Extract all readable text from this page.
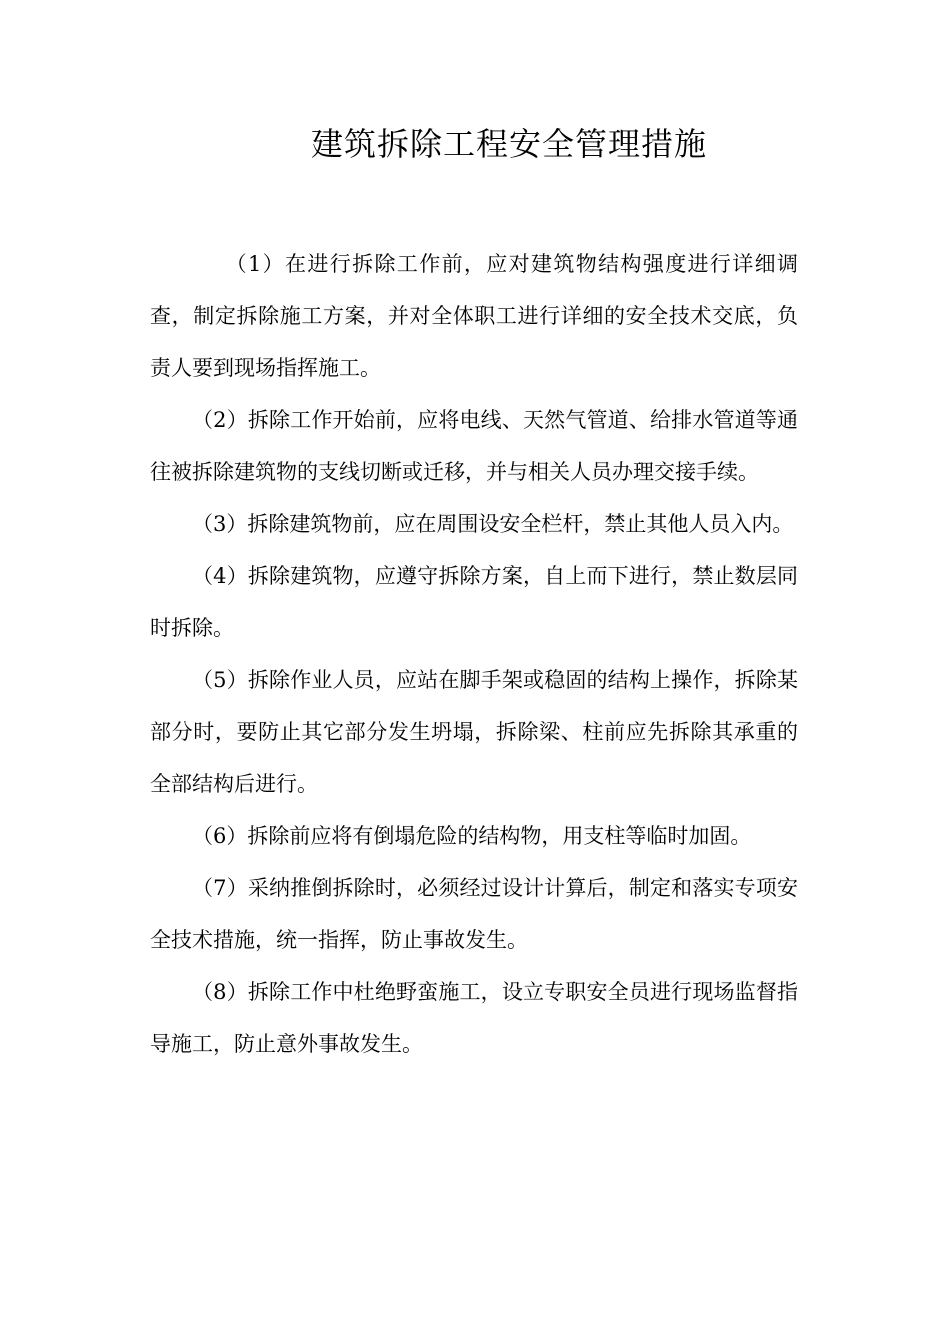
建筑拆除工程安全管理措施

（1）在进行拆除工作前，应对建筑物结构强度进行详细调查，制定拆除施工方案，并对全体职工进行详细的安全技术交底，负责人要到现场指挥施工。

（2）拆除工作开始前，应将电线、天然气管道、给排水管道等通往被拆除建筑物的支线切断或迁移，并与相关人员办理交接手续。

（3）拆除建筑物前，应在周围设安全栏杆，禁止其他人员入内。

（4）拆除建筑物，应遵守拆除方案，自上而下进行，禁止数层同时拆除。

（5）拆除作业人员，应站在脚手架或稳固的结构上操作，拆除某部分时，要防止其它部分发生坍塌，拆除梁、柱前应先拆除其承重的全部结构后进行。

（6）拆除前应将有倒塌危险的结构物，用支柱等临时加固。

（7）采纳推倒拆除时，必须经过设计计算后，制定和落实专项安全技术措施，统一指挥，防止事故发生。

（8）拆除工作中杜绝野蛮施工，设立专职安全员进行现场监督指导施工，防止意外事故发生。
